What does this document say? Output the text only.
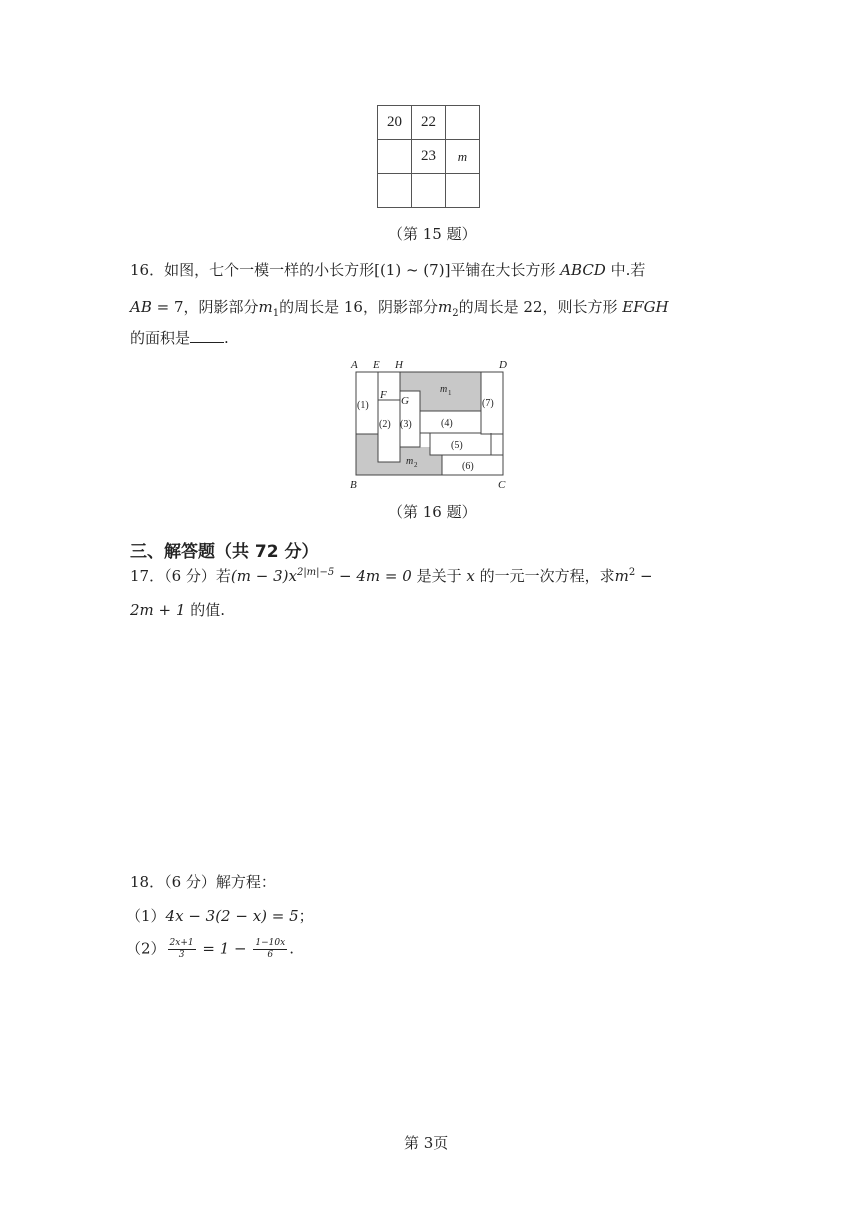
20	22	
	23	m

（第 15 题）
16．如图，七个一模一样的小长方形[(1) ~ (7)]平铺在大长方形 ABCD 中.若
AB = 7，阴影部分$m_1$的周长是 16，阴影部分$m_2$的周长是 22，则长方形 EFGH
的面积是 .
A E H	D
B	C
F G
(1)
(2) (3)	(4)
(5)
(6)
(7)
m 1
m 2
（第 16 题）
三、解答题（共 72 分）
17．（6 分）若$(m - 3)x^{2|m|-5} - 4m = 0$ 是关于 x 的一元一次方程，求$m^2$ −
2m + 1 的值.
18．（6 分）解方程：
（1）4x − 3(2 − x) = 5；
$(2) \frac{2x+1}{3} = 1 - \frac{1-10x}{6}$ .
第 3页
